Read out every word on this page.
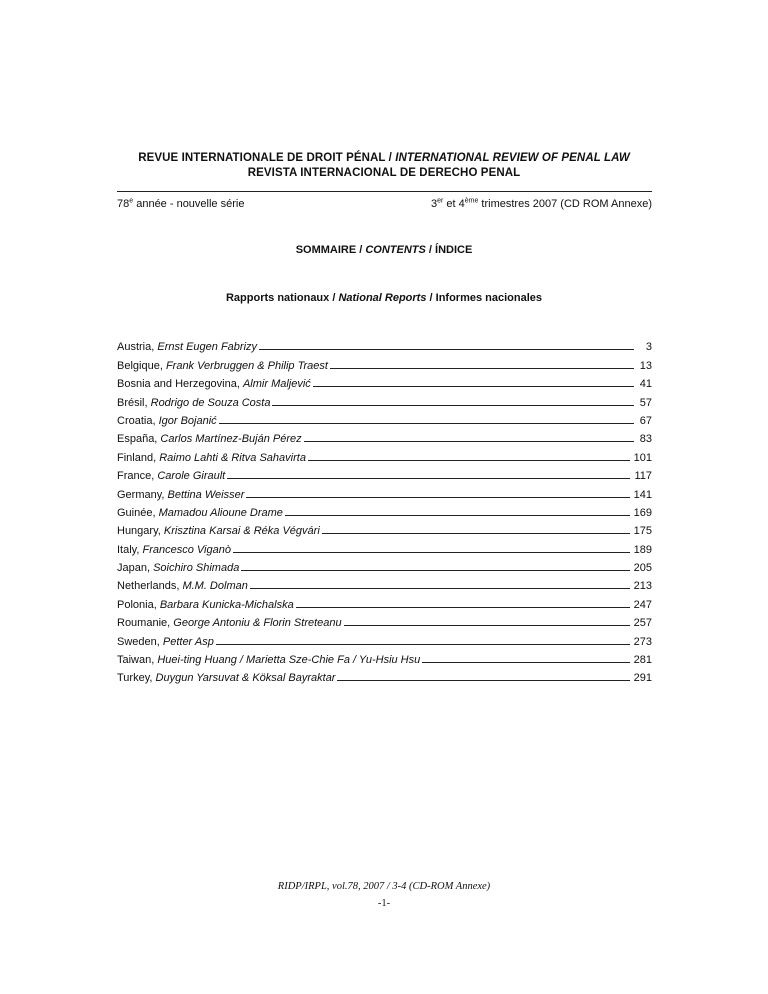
REVUE INTERNATIONALE DE DROIT PÉNAL / INTERNATIONAL REVIEW OF PENAL LAW
REVISTA INTERNACIONAL DE DERECHO PENAL
78e année - nouvelle série	3er et 4ème trimestres 2007 (CD ROM Annexe)
SOMMAIRE / CONTENTS / ÍNDICE
Rapports nationaux / National Reports / Informes nacionales
Austria, Ernst Eugen Fabrizy	3
Belgique, Frank Verbruggen & Philip Traest	13
Bosnia and Herzegovina, Almir Maljević	41
Brésil, Rodrigo de Souza Costa	57
Croatia, Igor Bojanić	67
España, Carlos Martínez-Buján Pérez	83
Finland, Raimo Lahti & Ritva Sahavirta	101
France, Carole Girault	117
Germany, Bettina Weisser	141
Guinée, Mamadou Alioune Drame	169
Hungary, Krisztina Karsai & Réka Végvári	175
Italy, Francesco Viganò	189
Japan, Soichiro Shimada	205
Netherlands, M.M. Dolman	213
Polonia, Barbara Kunicka-Michalska	247
Roumanie, George Antoniu & Florin Streteanu	257
Sweden, Petter Asp	273
Taiwan, Huei-ting Huang / Marietta Sze-Chie Fa / Yu-Hsiu Hsu	281
Turkey, Duygun Yarsuvat & Köksal Bayraktar	291
RIDP/IRPL, vol.78, 2007 / 3-4 (CD-ROM Annexe)
-1-
